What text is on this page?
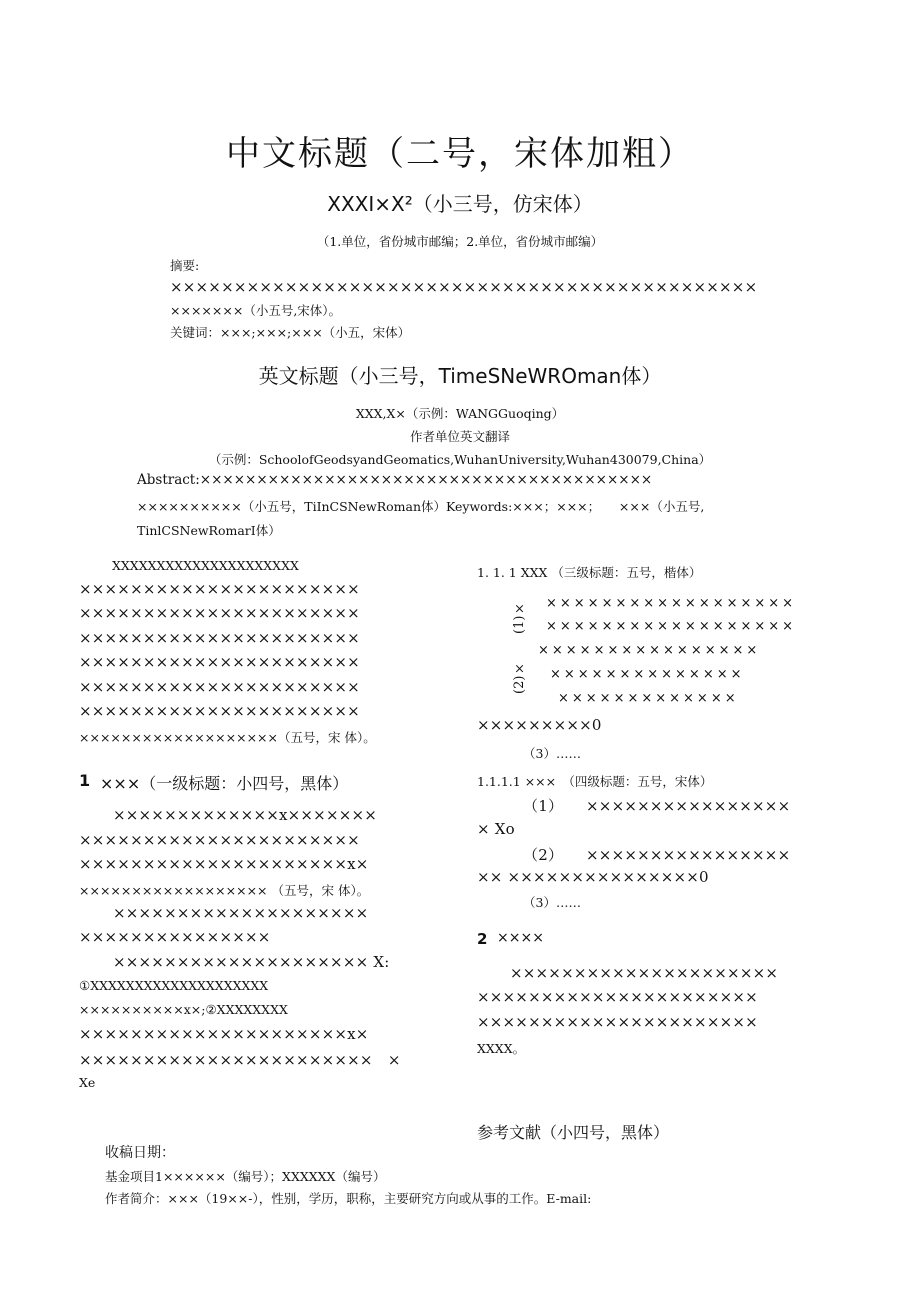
中文标题（二号，宋体加粗）
XXXI×X²（小三号，仿宋体）
（1.单位，省份城市邮编；2.单位，省份城市邮编）
摘要:
××××××××××××××××××××××××××××××××××××××××××××××
×××××××（小五号,宋体）。
关键词：×××;×××;×××（小五，宋体）
英文标题（小三号，TimeSNeWROman体）
XXX,X×（示例：WANGGuoqing）
作者单位英文翻译
（示例：SchoolofGeodsyandGeomatics,WuhanUniversity,Wuhan430079,China）
Abstract:××××××××××××××××××××××××××××××××××××××××
××××××××××（小五号，TiInCSNewRoman体）Keywords:×××；×××；　　×××（小五号,
TinlCSNewRomarI体）
XXXXXXXXXXXXXXXXXXXXX
××××××××××××××××××××××
××××××××××××××××××××××
××××××××××××××××××××××
××××××××××××××××××××××
××××××××××××××××××××××
××××××××××××××××××××××
×××××××××××××××××××（五号，宋 体）。
1 ×××（一级标题：小四号，黑体）
×××××××××××××x×××××××
××××××××××××××××××××××
×××××××××××××××××××××x×
×××××××××××××××××× （五号，宋 体）。
××××××××××××××××××××
×××××××××××××××
×××××××××××××××××××× X:
①XXXXXXXXXXXXXXXXXXXX
××××××××××x×;②XXXXXXXX
×××××××××××××××××××××x×
×××××××××××××××××××××××　×
Xe
1. 1. 1 XXX （三级标题：五号，楷体）
(1)×
(2)×
××××××××××××××××××
××××××××××××××××××
××××××××××××××××
××××××××××××××
×××××××××××××
×××××××××0
（3）……
1.1.1.1 ×××　（四级标题：五号，宋体）
（1）　　××××××××××××××××
× Xo
（2）　　××××××××××××××××
×× ×××××××××××××××0
（3）……
2 ××××
×××××××××××××××××××××
××××××××××××××××××××××
××××××××××××××××××××××
XXXX。
参考文献（小四号，黑体）
收稿日期：
基金项目1××××××（编号）；XXXXXX（编号）
作者简介：×××（19××-），性别，学历，职称，主要研究方向或从事的工作。E-mail:
